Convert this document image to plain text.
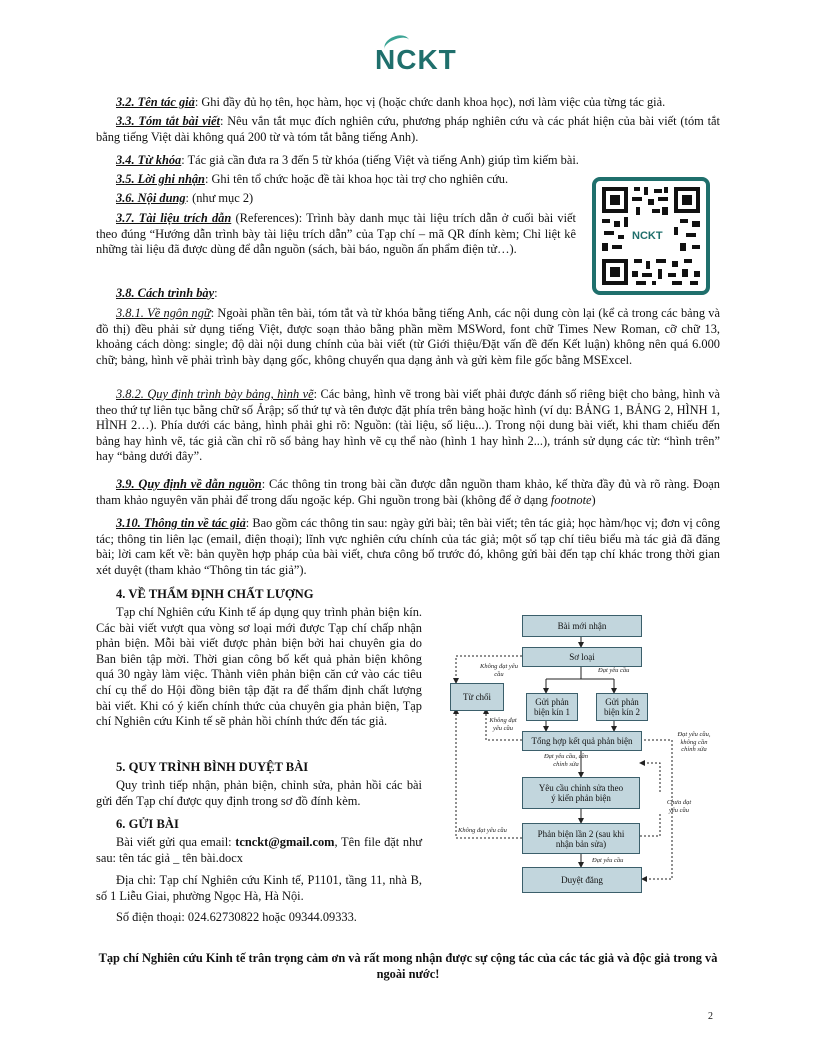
NCKT
3.2. Tên tác giả: Ghi đầy đủ họ tên, học hàm, học vị (hoặc chức danh khoa học), nơi làm việc của từng tác giả.
3.3. Tóm tắt bài viết: Nêu vắn tắt mục đích nghiên cứu, phương pháp nghiên cứu và các phát hiện của bài viết (tóm tắt bằng tiếng Việt dài không quá 200 từ và tóm tắt bằng tiếng Anh).
3.4. Từ khóa: Tác giả cần đưa ra 3 đến 5 từ khóa (tiếng Việt và tiếng Anh) giúp tìm kiếm bài.
3.5. Lời ghi nhận: Ghi tên tổ chức hoặc đề tài khoa học tài trợ cho nghiên cứu.
3.6. Nội dung: (như mục 2)
3.7. Tài liệu trích dẫn (References): Trình bày danh mục tài liệu trích dẫn ở cuối bài viết theo đúng “Hướng dẫn trình bày tài liệu trích dẫn” của Tạp chí – mã QR đính kèm; Chỉ liệt kê những tài liệu đã được dùng để dẫn nguồn (sách, bài báo, nguồn ấn phẩm điện tử…).
NCKT
3.8. Cách trình bày:
3.8.1. Về ngôn ngữ: Ngoài phần tên bài, tóm tắt và từ khóa bằng tiếng Anh, các nội dung còn lại (kể cả trong các bảng và đồ thị) đều phải sử dụng tiếng Việt, được soạn thảo bằng phần mềm MSWord, font chữ Times New Roman, cỡ chữ 13, khoảng cách dòng: single; độ dài nội dung chính của bài viết (từ Giới thiệu/Đặt vấn đề đến Kết luận) không nên quá 6.000 chữ; bảng, hình vẽ phải trình bày dạng gốc, không chuyển qua dạng ảnh và gửi kèm file gốc bằng MSExcel.
3.8.2. Quy định trình bày bảng, hình vẽ: Các bảng, hình vẽ trong bài viết phải được đánh số riêng biệt cho bảng, hình và theo thứ tự liên tục bằng chữ số Ảrập; số thứ tự và tên được đặt phía trên bảng hoặc hình (ví dụ: BẢNG 1, BẢNG 2, HÌNH 1, HÌNH 2…). Phía dưới các bảng, hình phải ghi rõ: Nguồn: (tài liệu, số liệu...). Trong nội dung bài viết, khi tham chiếu đến bảng hay hình vẽ, tác giả cần chỉ rõ số bảng hay hình vẽ cụ thể nào (hình 1 hay hình 2...), tránh sử dụng các từ: “hình trên” hay “bảng dưới đây”.
3.9. Quy định về dẫn nguồn: Các thông tin trong bài cần được dẫn nguồn tham khảo, kế thừa đầy đủ và rõ ràng. Đoạn tham khảo nguyên văn phải để trong dấu ngoặc kép. Ghi nguồn trong bài (không để ở dạng footnote)
3.10. Thông tin về tác giả: Bao gồm các thông tin sau: ngày gửi bài; tên bài viết; tên tác giả; học hàm/học vị; đơn vị công tác; thông tin liên lạc (email, điện thoại); lĩnh vực nghiên cứu chính của tác giả; một số tạp chí tiêu biểu mà tác giả đã đăng bài; lời cam kết về: bản quyền hợp pháp của bài viết, chưa công bố trước đó, không gửi bài đến tạp chí khác trong thời gian xét duyệt (tham khảo “Thông tin tác giả”).
4. VỀ THẨM ĐỊNH CHẤT LƯỢNG
Tạp chí Nghiên cứu Kinh tế áp dụng quy trình phản biện kín. Các bài viết vượt qua vòng sơ loại mới được Tạp chí chấp nhận phản biện. Mỗi bài viết được phản biện bởi hai chuyên gia do Ban biên tập mời. Thời gian công bố kết quả phản biện không quá 30 ngày làm việc. Thành viên phản biện căn cứ vào các tiêu chí cụ thể do Hội đồng biên tập đặt ra để thẩm định chất lượng bài viết. Khi có ý kiến chính thức của chuyên gia phản biện, Tạp chí Nghiên cứu Kinh tế sẽ phản hồi chính thức đến tác giả.
5. QUY TRÌNH BÌNH DUYỆT BÀI
Quy trình tiếp nhận, phản biện, chỉnh sửa, phản hồi các bài gửi đến Tạp chí được quy định trong sơ đồ đính kèm.
6. GỬI BÀI
Bài viết gửi qua email: tcnckt@gmail.com, Tên file đặt như sau: tên tác giả _ tên bài.docx
Địa chỉ: Tạp chí Nghiên cứu Kinh tế, P1101, tầng 11, nhà B, số 1 Liễu Giai, phường Ngọc Hà, Hà Nội.
Số điện thoại: 024.62730822 hoặc 09344.09333.
Bài mới nhận
Sơ loại
Từ chối	Gửi phản biện kín 1
Gửi phản biện kín 2
Tổng hợp kết quả phản biện
Yêu cầu chỉnh sửa theo ý kiến phản biện
Phản biện lần 2 (sau khi nhận bản sửa)
Duyệt đăng
Không đạt yêu cầu	Đạt yêu cầu
Không đạt yêu cầu
Đạt yêu cầu, không cần chỉnh sửa
Đạt yêu cầu, cần chỉnh sửa
Chưa đạt yêu cầu
Không đạt yêu cầu
Đạt yêu cầu
Tạp chí Nghiên cứu Kinh tế trân trọng cảm ơn và rất mong nhận được sự cộng tác của các tác giả và độc giả trong và ngoài nước!
2
